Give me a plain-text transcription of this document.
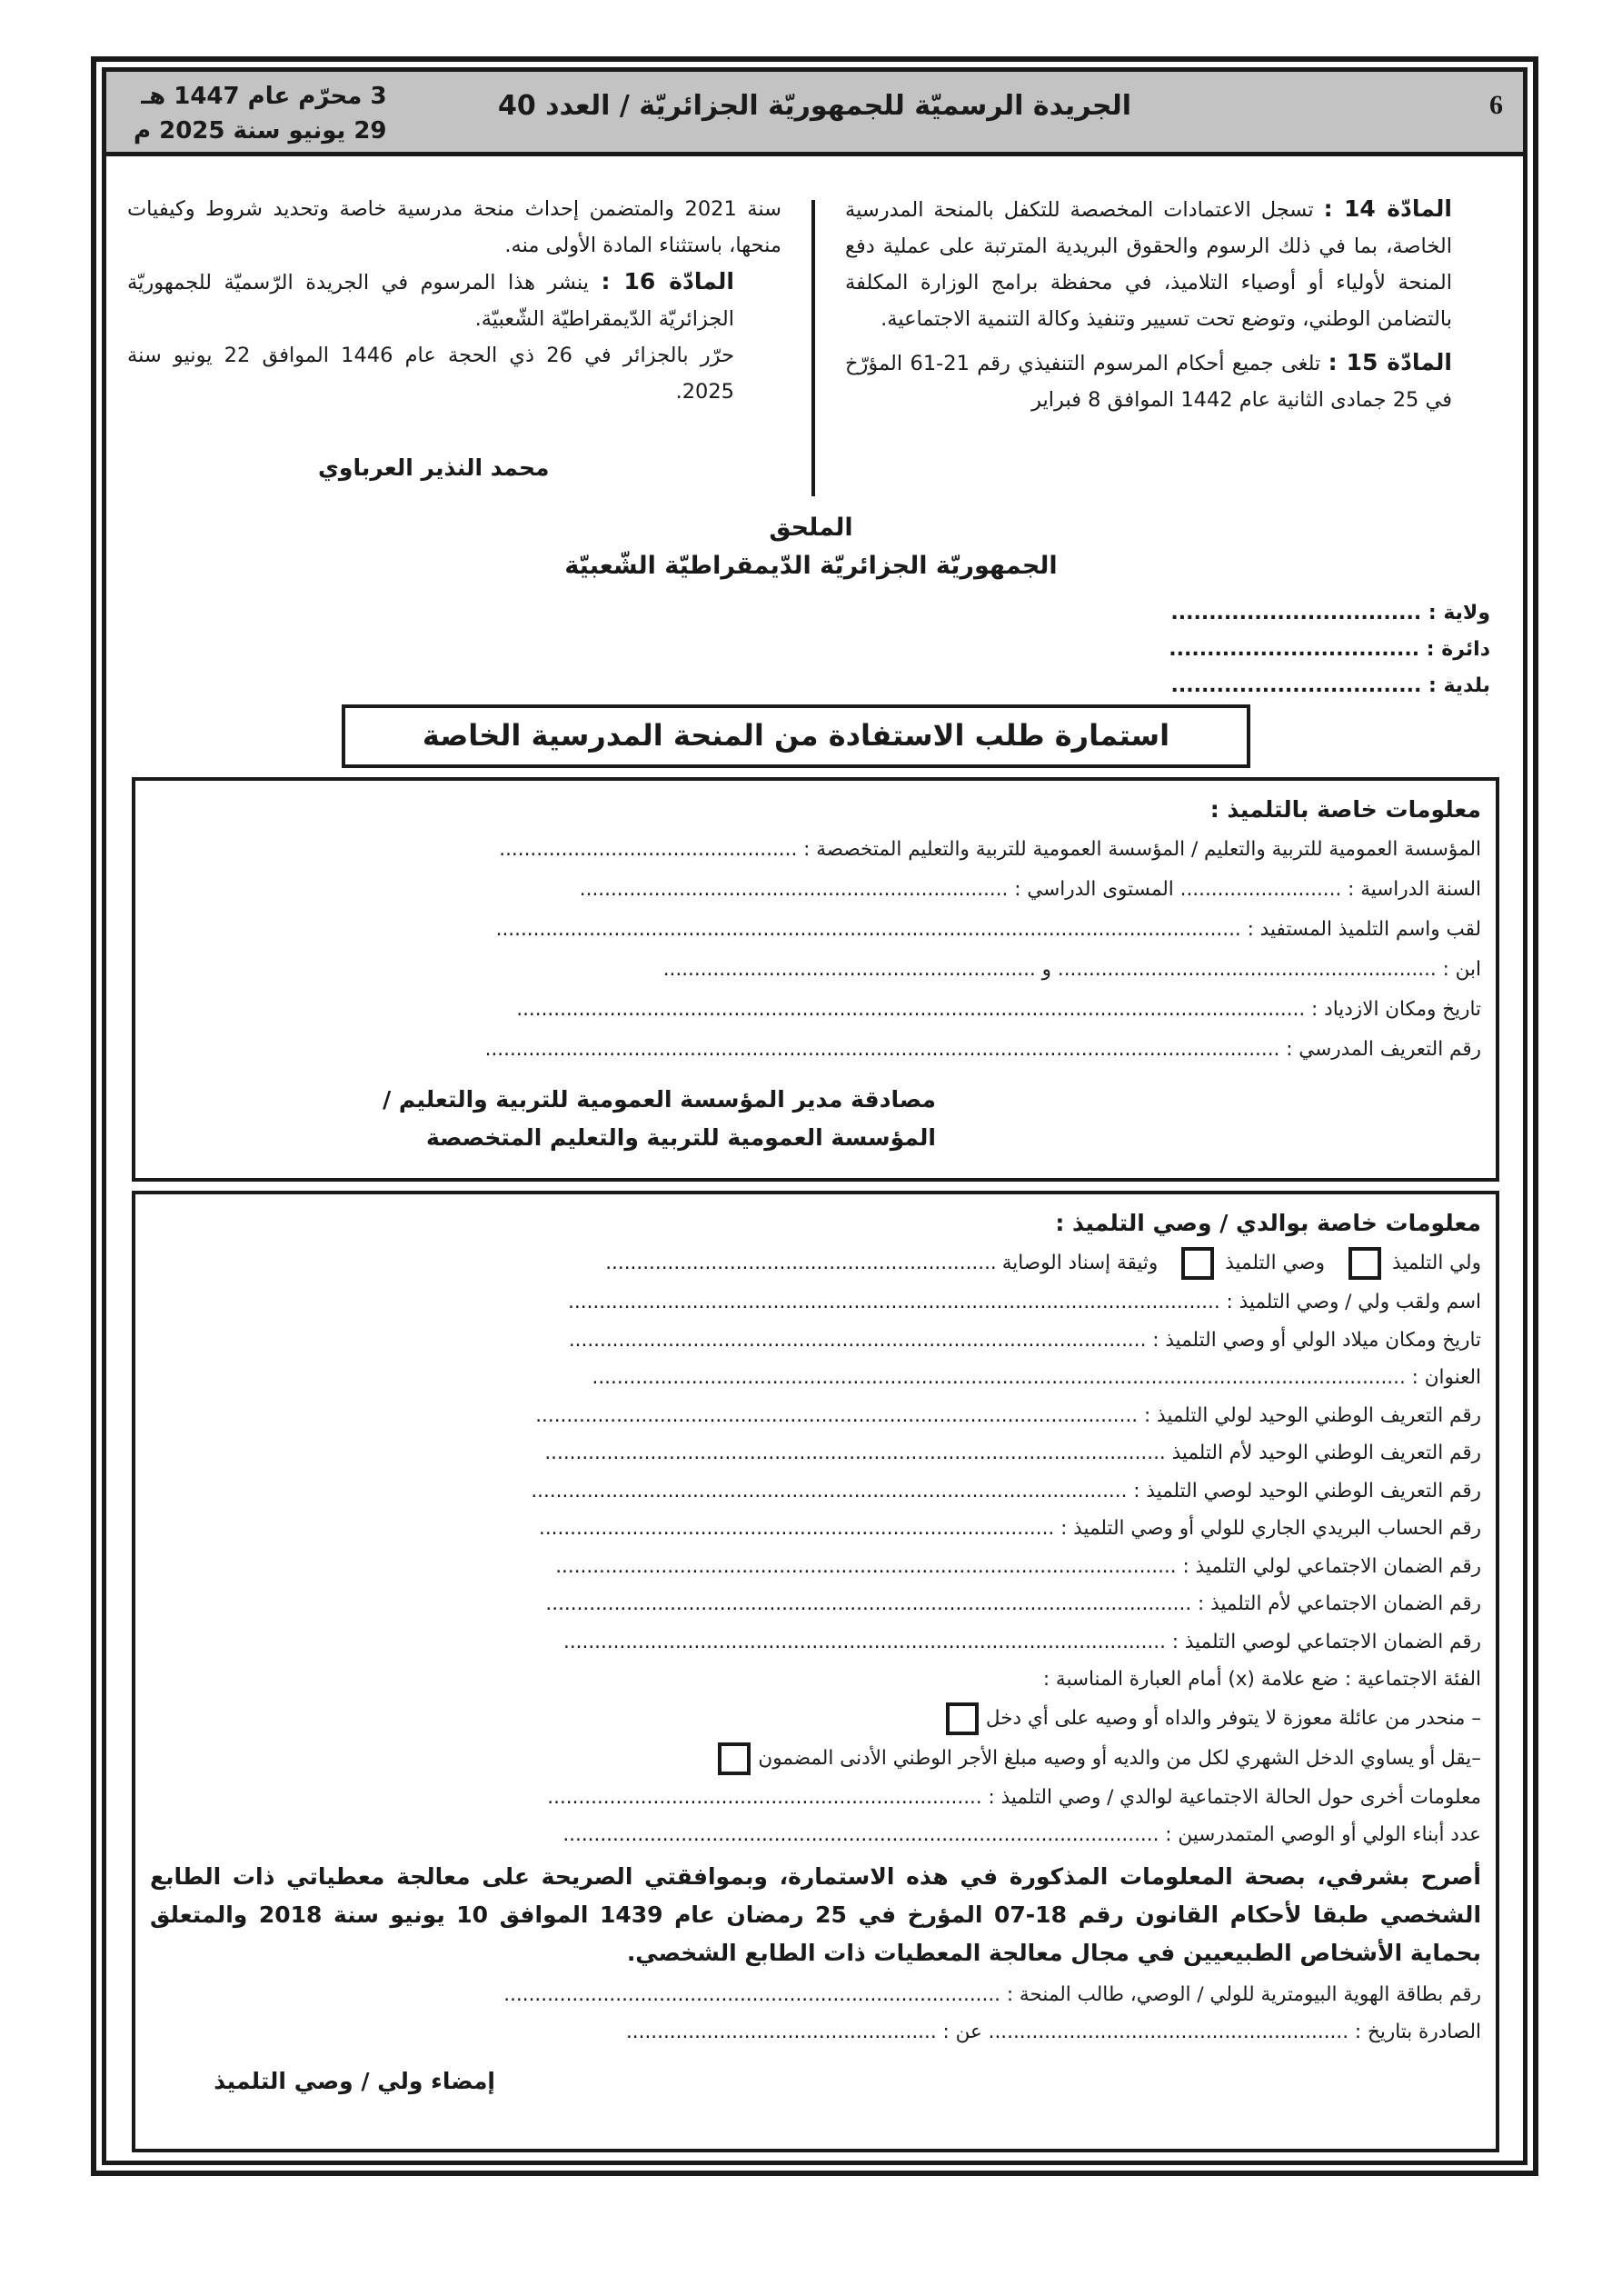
6
الجريدة الرسميّة للجمهوريّة الجزائريّة / العدد 40
3 محرّم عام 1447 هـ
29 يونيو سنة 2025 م

المادّة 14 : تسجل الاعتمادات المخصصة للتكفل بالمنحة المدرسية الخاصة، بما في ذلك الرسوم والحقوق البريدية المترتبة على عملية دفع المنحة لأولياء أو أوصياء التلاميذ، في محفظة برامج الوزارة المكلفة بالتضامن الوطني، وتوضع تحت تسيير وتنفيذ وكالة التنمية الاجتماعية.

المادّة 15 : تلغى جميع أحكام المرسوم التنفيذي رقم 21-61 المؤرّخ في 25 جمادى الثانية عام 1442 الموافق 8 فبراير

سنة 2021 والمتضمن إحداث منحة مدرسية خاصة وتحديد شروط وكيفيات منحها، باستثناء المادة الأولى منه.

المادّة 16 : ينشر هذا المرسوم في الجريدة الرّسميّة للجمهوريّة الجزائريّة الدّيمقراطيّة الشّعبيّة.

حرّر بالجزائر في 26 ذي الحجة عام 1446 الموافق 22 يونيو سنة 2025.

محمد النذير العرباوي
الملحق
الجمهوريّة الجزائريّة الدّيمقراطيّة الشّعبيّة
ولاية : .................................
دائرة : .................................
بلدية : .................................
استمارة طلب الاستفادة من المنحة المدرسية الخاصة
معلومات خاصة بالتلميذ :
المؤسسة العمومية للتربية والتعليم / المؤسسة العمومية للتربية والتعليم المتخصصة : ................................................
السنة الدراسية : .......................... المستوى الدراسي : .....................................................................
لقب واسم التلميذ المستفيد : ........................................................................................................................
ابن : ............................................................. و ............................................................
تاريخ ومكان الازدياد : ...............................................................................................................................
رقم التعريف المدرسي : ................................................................................................................................
مصادقة مدير المؤسسة العمومية للتربية والتعليم /
المؤسسة العمومية للتربية والتعليم المتخصصة
معلومات خاصة بوالدي / وصي التلميذ :
ولي التلميذ
وصي التلميذ
وثيقة إسناد الوصاية
...............................................................
اسم ولقب ولي / وصي التلميذ : .........................................................................................................
تاريخ ومكان ميلاد الولي أو وصي التلميذ : .............................................................................................
العنوان : ...................................................................................................................................
رقم التعريف الوطني الوحيد لولي التلميذ : .................................................................................................
رقم التعريف الوطني الوحيد لأم التلميذ ....................................................................................................
رقم التعريف الوطني الوحيد لوصي التلميذ : ................................................................................................
رقم الحساب البريدي الجاري للولي أو وصي التلميذ : ...................................................................................
رقم الضمان الاجتماعي لولي التلميذ : ....................................................................................................
رقم الضمان الاجتماعي لأم التلميذ : ........................................................................................................
رقم الضمان الاجتماعي لوصي التلميذ : .................................................................................................
الفئة الاجتماعية : ضع علامة (x) أمام العبارة المناسبة :
– منحدر من عائلة معوزة لا يتوفر والداه أو وصيه على أي دخل
–يقل أو يساوي الدخل الشهري لكل من والديه أو وصيه مبلغ الأجر الوطني الأدنى المضمون
معلومات أخرى حول الحالة الاجتماعية لوالدي / وصي التلميذ : ......................................................................
عدد أبناء الولي أو الوصي المتمدرسين : ................................................................................................
أصرح بشرفي، بصحة المعلومات المذكورة في هذه الاستمارة، وبموافقتي الصريحة على معالجة معطياتي ذات الطابع الشخصي طبقا لأحكام القانون رقم 18-07 المؤرخ في 25 رمضان عام 1439 الموافق 10 يونيو سنة 2018 والمتعلق بحماية الأشخاص الطبيعيين في مجال معالجة المعطيات ذات الطابع الشخصي.
رقم بطاقة الهوية البيومترية للولي / الوصي، طالب المنحة : ................................................................................
الصادرة بتاريخ : .......................................................... عن : ..................................................
إمضاء ولي / وصي التلميذ
